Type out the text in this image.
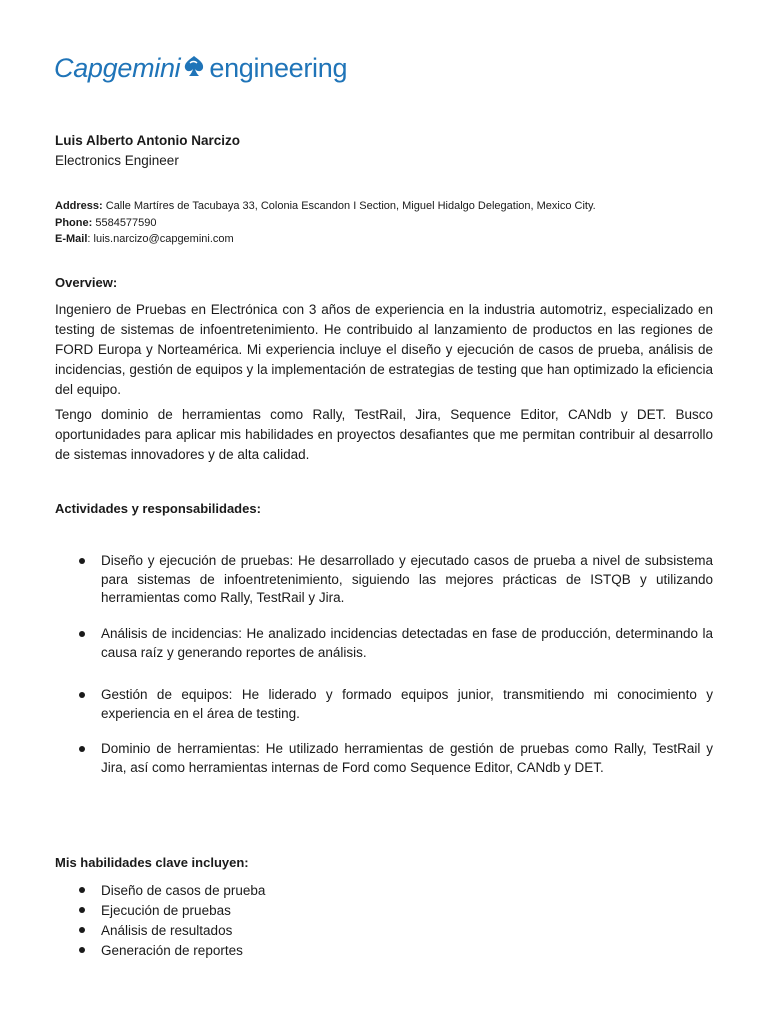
Capgemini engineering
Luis Alberto Antonio Narcizo
Electronics Engineer
Address: Calle Martíres de Tacubaya 33, Colonia Escandon I Section, Miguel Hidalgo Delegation, Mexico City.
Phone: 5584577590
E-Mail: luis.narcizo@capgemini.com
Overview:

Ingeniero de Pruebas en Electrónica con 3 años de experiencia en la industria automotriz, especializado en testing de sistemas de infoentretenimiento. He contribuido al lanzamiento de productos en las regiones de FORD Europa y Norteamérica. Mi experiencia incluye el diseño y ejecución de casos de prueba, análisis de incidencias, gestión de equipos y la implementación de estrategias de testing que han optimizado la eficiencia del equipo.

Tengo dominio de herramientas como Rally, TestRail, Jira, Sequence Editor, CANdb y DET. Busco oportunidades para aplicar mis habilidades en proyectos desafiantes que me permitan contribuir al desarrollo de sistemas innovadores y de alta calidad.

Actividades y responsabilidades:
Diseño y ejecución de pruebas: He desarrollado y ejecutado casos de prueba a nivel de subsistema para sistemas de infoentretenimiento, siguiendo las mejores prácticas de ISTQB y utilizando herramientas como Rally, TestRail y Jira.
Análisis de incidencias: He analizado incidencias detectadas en fase de producción, determinando la causa raíz y generando reportes de análisis.
Gestión de equipos: He liderado y formado equipos junior, transmitiendo mi conocimiento y experiencia en el área de testing.
Dominio de herramientas: He utilizado herramientas de gestión de pruebas como Rally, TestRail y Jira, así como herramientas internas de Ford como Sequence Editor, CANdb y DET.
Mis habilidades clave incluyen:
Diseño de casos de prueba
Ejecución de pruebas
Análisis de resultados
Generación de reportes
